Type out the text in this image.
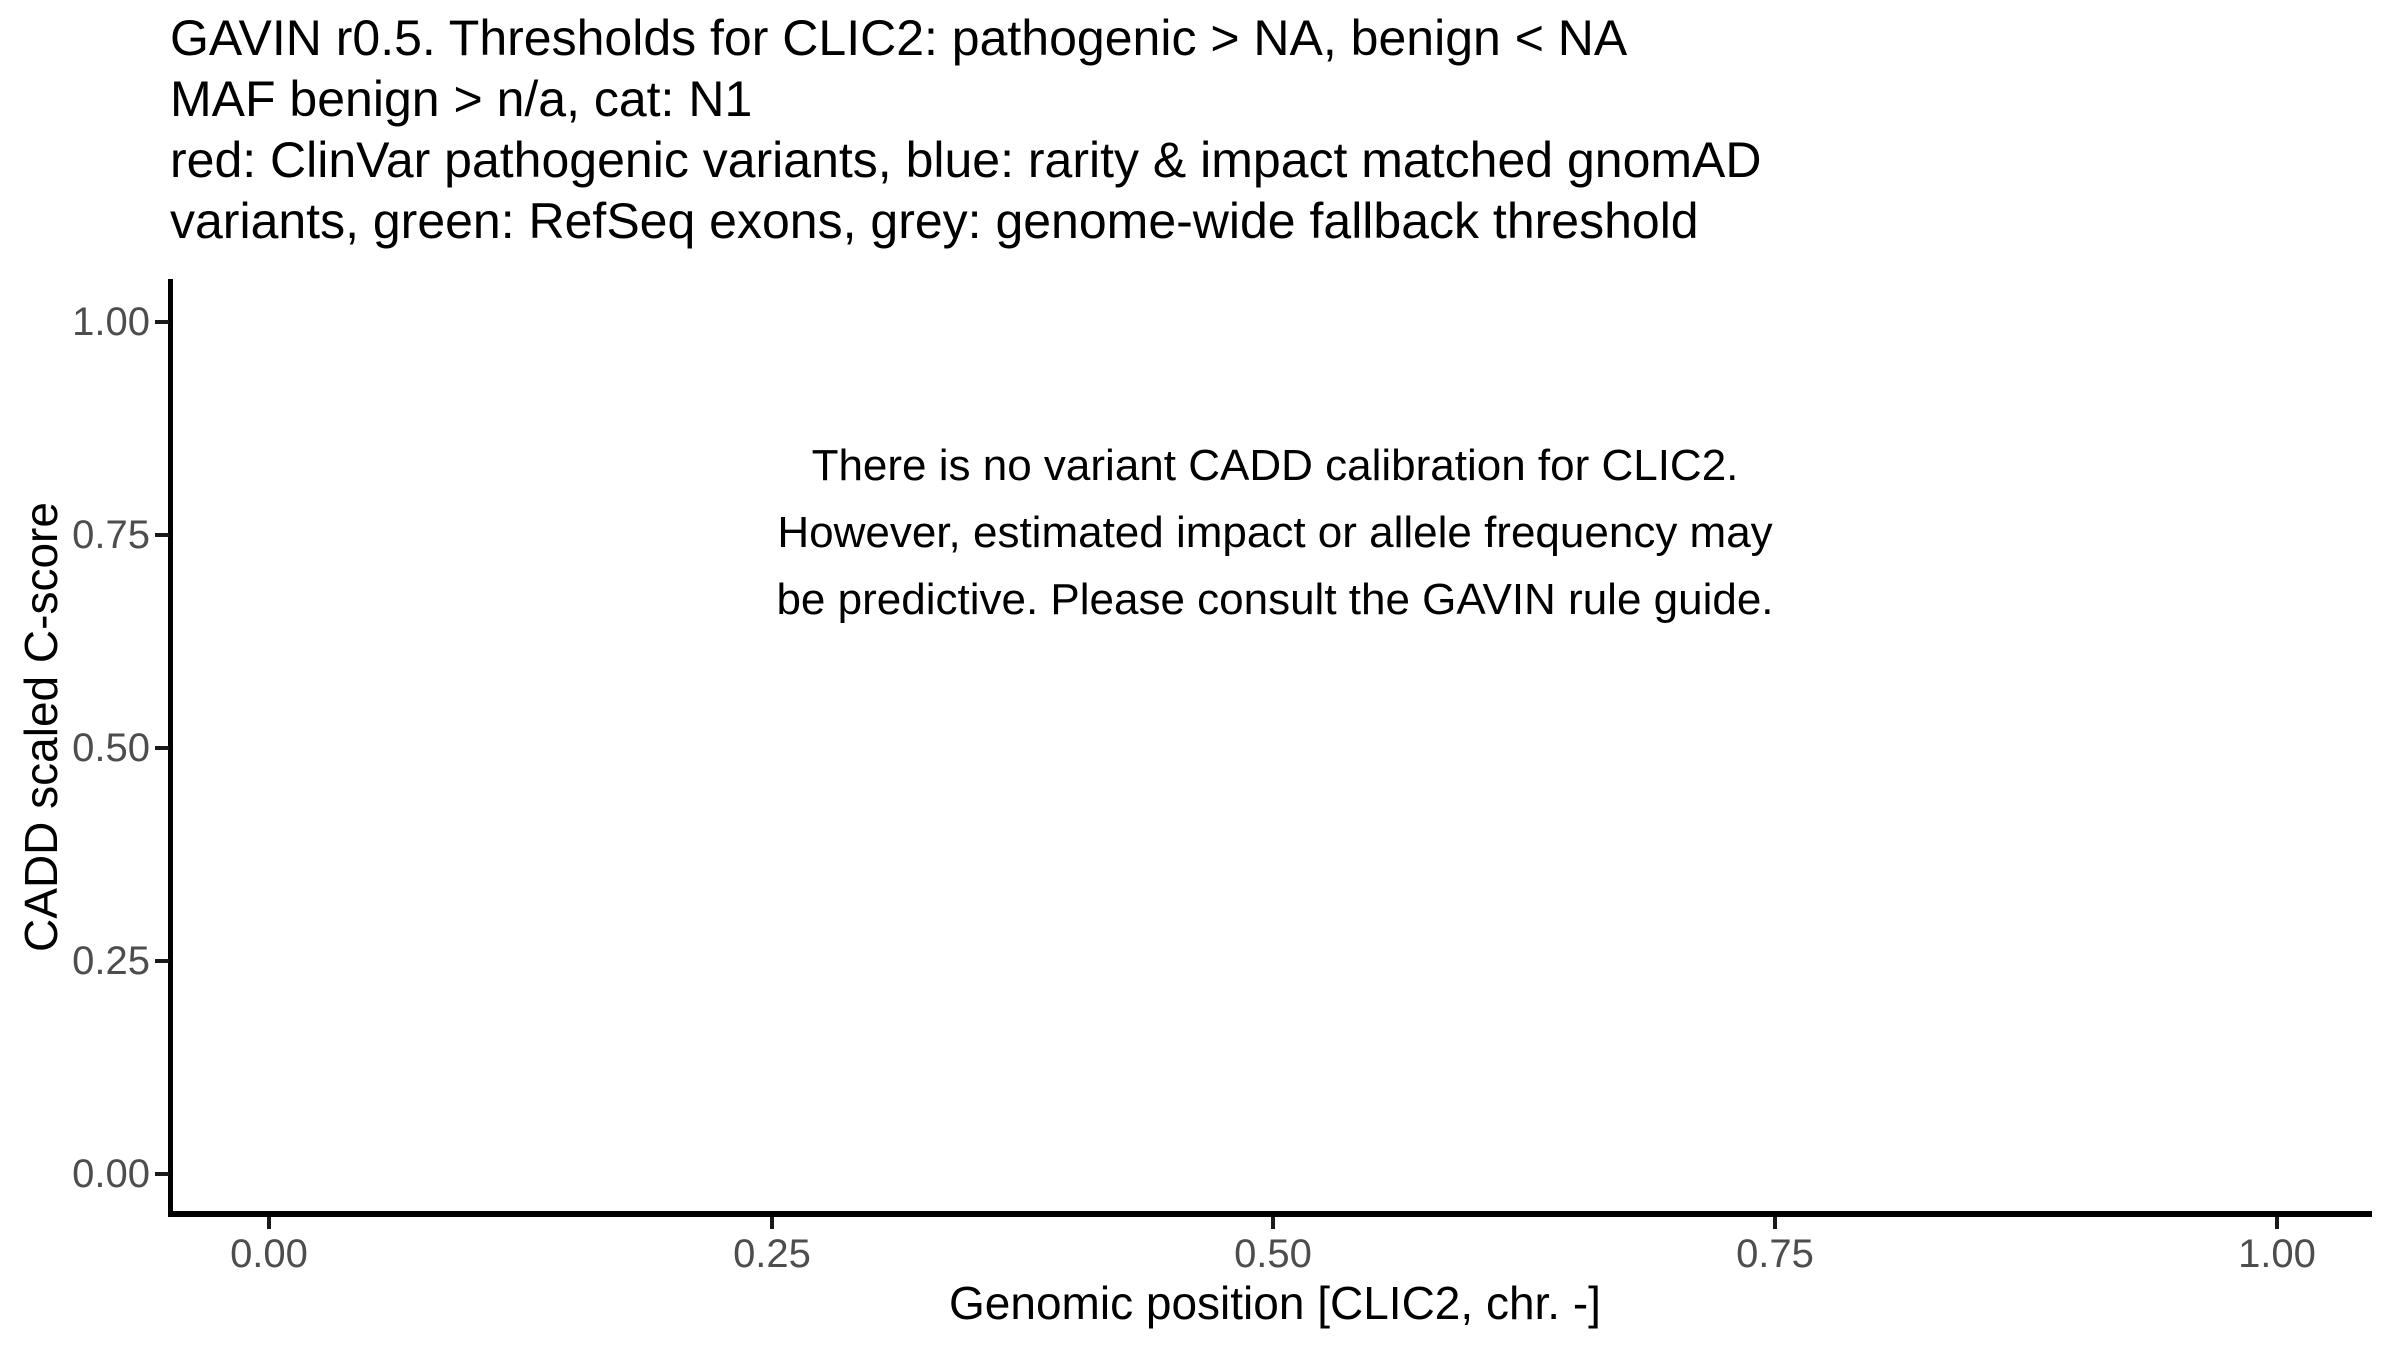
GAVIN r0.5. Thresholds for CLIC2: pathogenic > NA, benign < NA
MAF benign > n/a, cat: N1
red: ClinVar pathogenic variants, blue: rarity & impact matched gnomAD
variants, green: RefSeq exons, grey: genome-wide fallback threshold
There is no variant CADD calibration for CLIC2.
However, estimated impact or allele frequency may
be predictive. Please consult the GAVIN rule guide.
1.00
0.75
0.50
0.25
0.00
0.00	0.25	0.50	0.75	1.00
Genomic position [CLIC2, chr. -]
CADD scaled C-score
